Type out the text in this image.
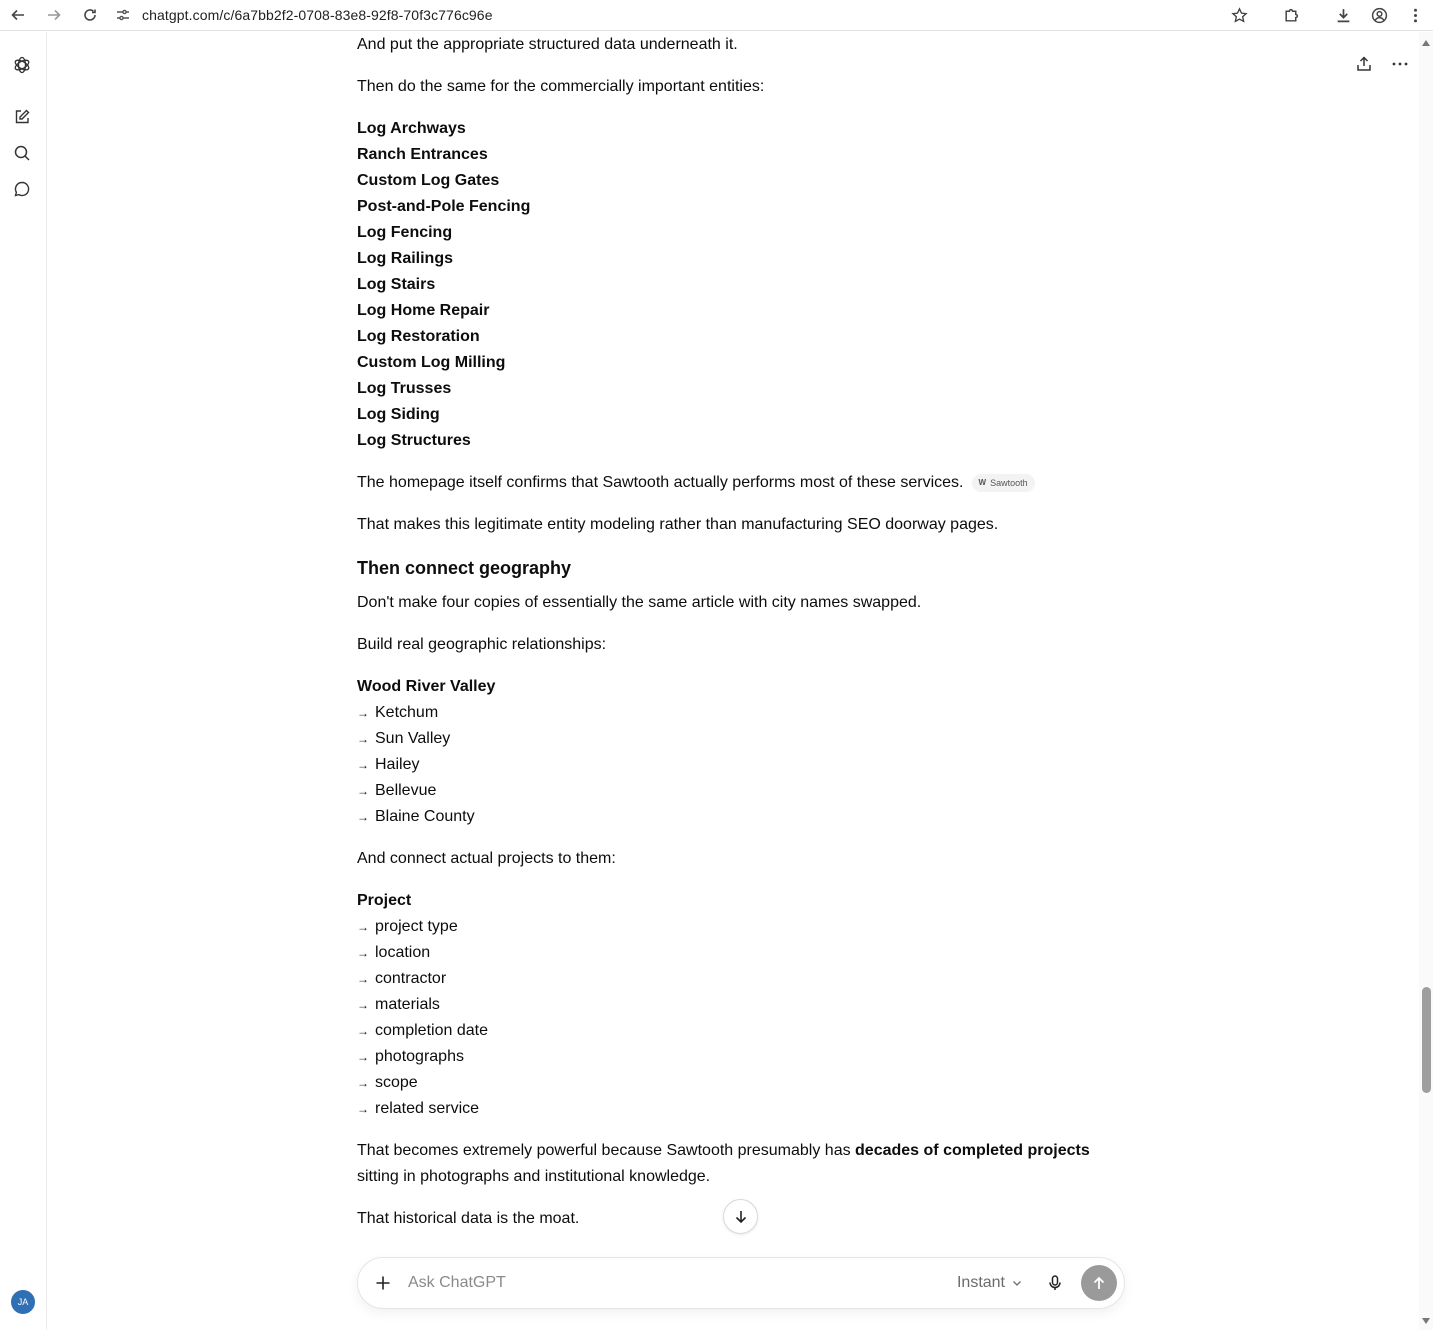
chatgpt.com/c/6a7bb2f2-0708-83e8-92f8-70f3c776c96e
JA
And put the appropriate structured data underneath it.
Then do the same for the commercially important entities:
Log Archways
Ranch Entrances
Custom Log Gates
Post-and-Pole Fencing
Log Fencing
Log Railings
Log Stairs
Log Home Repair
Log Restoration
Custom Log Milling
Log Trusses
Log Siding
Log Structures
The homepage itself confirms that Sawtooth actually performs most of these services. W Sawtooth
That makes this legitimate entity modeling rather than manufacturing SEO doorway pages.
Then connect geography
Don't make four copies of essentially the same article with city names swapped.
Build real geographic relationships:
Wood River Valley
→ Ketchum
→ Sun Valley
→ Hailey
→ Bellevue
→ Blaine County
And connect actual projects to them:
Project
→ project type
→ location
→ contractor
→ materials
→ completion date
→ photographs
→ scope
→ related service
That becomes extremely powerful because Sawtooth presumably has decades of completed projects
sitting in photographs and institutional knowledge.
That historical data is the moat.
Ask ChatGPT
Instant
